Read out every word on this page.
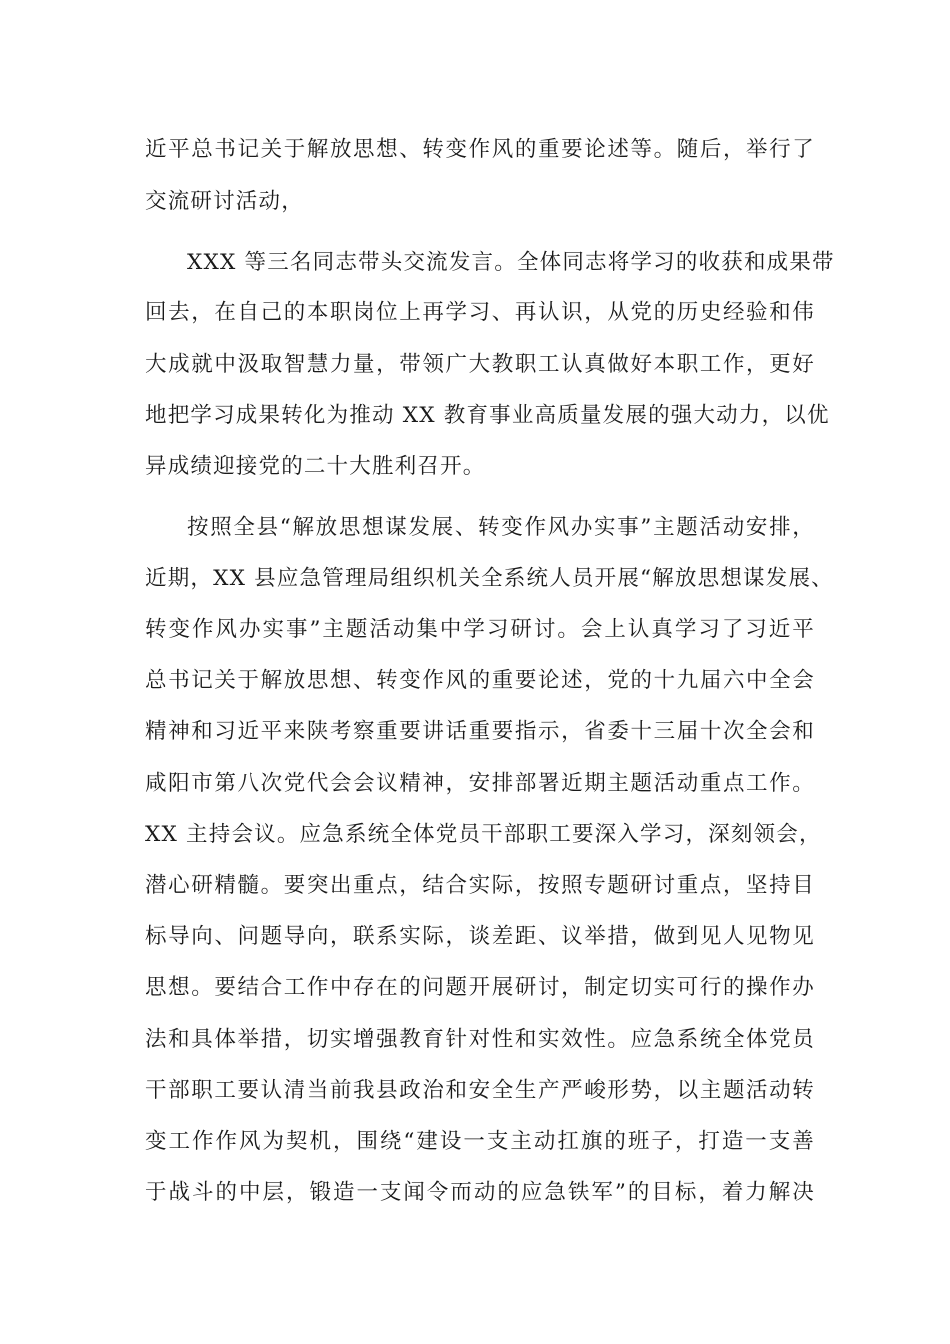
近平总书记关于解放思想、转变作风的重要论述等。随后，举行了
交流研讨活动，
XXX 等三名同志带头交流发言。全体同志将学习的收获和成果带
回去，在自己的本职岗位上再学习、再认识，从党的历史经验和伟
大成就中汲取智慧力量，带领广大教职工认真做好本职工作，更好
地把学习成果转化为推动 XX 教育事业高质量发展的强大动力，以优
异成绩迎接党的二十大胜利召开。
按照全县“解放思想谋发展、转变作风办实事”主题活动安排，
近期，XX 县应急管理局组织机关全系统人员开展“解放思想谋发展、
转变作风办实事”主题活动集中学习研讨。会上认真学习了习近平
总书记关于解放思想、转变作风的重要论述，党的十九届六中全会
精神和习近平来陕考察重要讲话重要指示，省委十三届十次全会和
咸阳市第八次党代会会议精神，安排部署近期主题活动重点工作。
XX 主持会议。应急系统全体党员干部职工要深入学习，深刻领会，
潜心研精髓。要突出重点，结合实际，按照专题研讨重点，坚持目
标导向、问题导向，联系实际，谈差距、议举措，做到见人见物见
思想。要结合工作中存在的问题开展研讨，制定切实可行的操作办
法和具体举措，切实增强教育针对性和实效性。应急系统全体党员
干部职工要认清当前我县政治和安全生产严峻形势，以主题活动转
变工作作风为契机，围绕“建设一支主动扛旗的班子，打造一支善
于战斗的中层，锻造一支闻令而动的应急铁军”的目标，着力解决
